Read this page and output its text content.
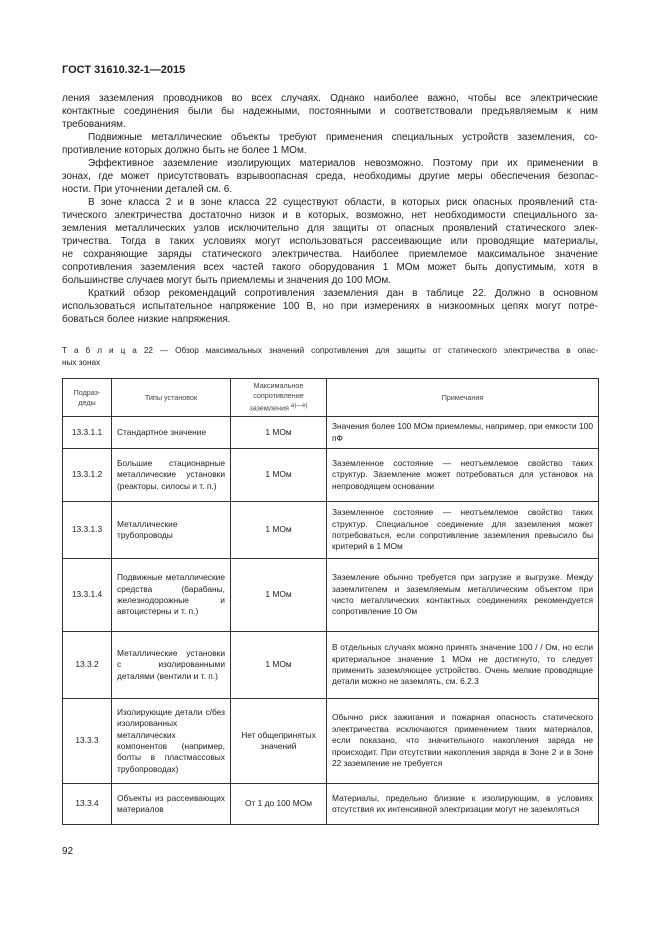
ГОСТ 31610.32-1—2015
ления заземления проводников во всех случаях. Однако наиболее важно, чтобы все электрические
контактные соединения были бы надежными, постоянными и соответствовали предъявляемым к ним
требованиям.
Подвижные металлические объекты требуют применения специальных устройств заземления, со-
противление которых должно быть не более 1 МОм.
Эффективное заземление изолирующих материалов невозможно. Поэтому при их применении в
зонах, где может присутствовать взрывоопасная среда, необходимы другие меры обеспечения безопас-
ности. При уточнении деталей см. 6.
В зоне класса 2 и в зоне класса 22 существуют области, в которых риск опасных проявлений ста-
тического электричества достаточно низок и в которых, возможно, нет необходимости специального за-
земления металлических узлов исключительно для защиты от опасных проявлений статического элек-
тричества. Тогда в таких условиях могут использоваться рассеивающие или проводящие материалы,
не сохраняющие заряды статического электричества. Наиболее приемлемое максимальное значение
сопротивления заземления всех частей такого оборудования 1 МОм может быть допустимым, хотя в
большинстве случаев могут быть приемлемы и значения до 100 МОм.
Краткий обзор рекомендаций сопротивления заземления дан в таблице 22. Должно в основном
использоваться испытательное напряжение 100 В, но при измерениях в низкоомных цепях могут потре-
боваться более низкие напряжения.
Т а б л и ц а 22 — Обзор максимальных значений сопротивления для защиты от статического электричества в опас-
ных зонах
Подраз-деды	Типы установок	Максимальное сопротивление заземления $^{а)—е)}$	Примечания
13.3.1.1	Стандартное значение	1 МОм	Значения более 100 МОм приемлемы, например, при емкости 100 пФ
13.3.1.2	Большие стационарные металлические установки (реакторы, силосы и т. п.)	1 МОм	Заземленное состояние — неотъемлемое свойство таких структур. Заземление может потребоваться для установок на непроводящем основании
13.3.1.3	Металлические трубопроводы	1 МОм	Заземленное состояние — неотъемлемое свойство таких структур. Специальное соединение для заземления может потребоваться, если сопротивление заземления превысило бы критерий в 1 МОм
13.3.1.4	Подвижные металлические средства (барабаны, железнодорожные и автоцистерны и т. п.)	1 МОм	Заземление обычно требуется при загрузке и выгрузке. Между заземлителем и заземляемым металлическим объектом при чисто металлических контактных соединениях рекомендуется сопротивление 10 Ом
13.3.2	Металлические установки с изолированными деталями (вентили и т. п.)	1 МОм	В отдельных случаях можно принять значение 100 / / Ом, но если критериальное значение 1 МОм не достигнуто, то следует применить заземляющее устройство. Очень мелкие проводящие детали можно не заземлять, см. 6.2.3
13.3.3	Изолирующие детали с/без изолированных металлических компонентов (например, болты в пластмассовых трубопроводах)	Нет общепринятых значений	Обычно риск зажигания и пожарная опасность статического электричества исключаются применением таких материалов, если показано, что значительного накопления заряда не происходит. При отсутствии накопления заряда в Зоне 2 и в Зоне 22 заземление не требуется
13.3.4	Объекты из рассеивающих материалов	От 1 до 100 МОм	Материалы, предельно близкие к изолирующим, в условиях отсутствия их интенсивной электризации могут не заземляться
92
